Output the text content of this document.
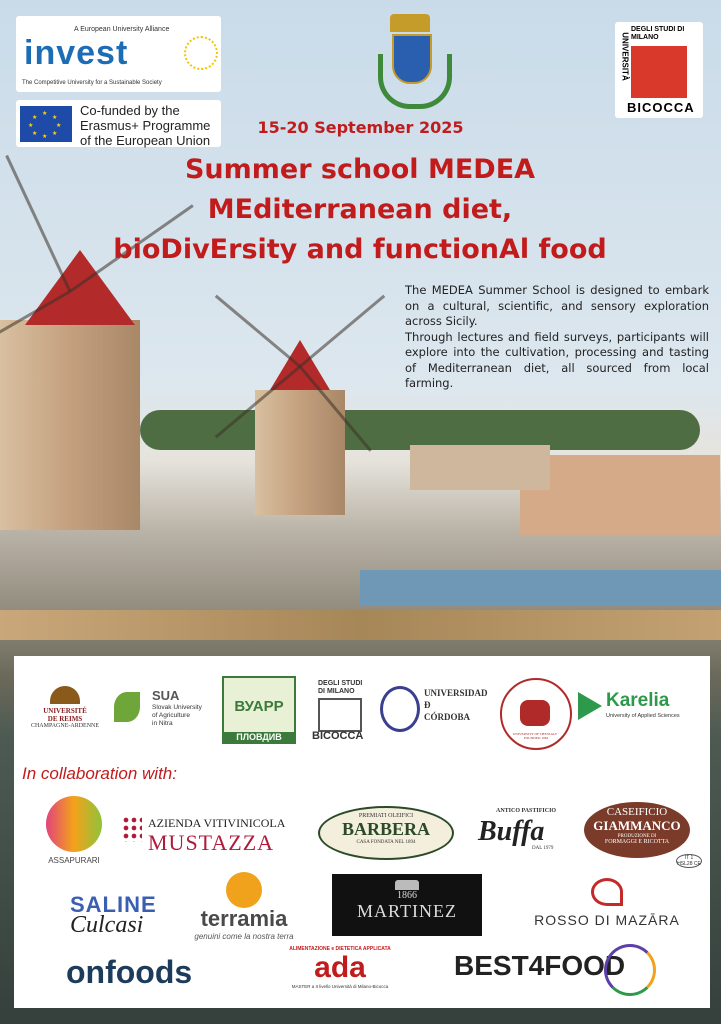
A European University Alliance
invest
The Competitive University for a Sustainable Society
★
★
★
★
★
★
★
★	Co-funded by the
Erasmus+ Programme
of the European Union
UNIVERSITÀ
DEGLI STUDI DI MILANO
BICOCCA
15-20 September 2025
Summer school MEDEA
MEditerranean diet,
bioDivErsity and functionAl food
The MEDEA Summer School is designed to embark on a cultural, scientific, and sensory exploration across Sicily.
Through lectures and field surveys, participants will explore into the cultivation, processing and tasting of Mediterranean diet, all sourced from local farming.
UNIVERSITÉ
DE REIMS
CHAMPAGNE-ARDENNE
SUA
Slovak University
of Agriculture
in Nitra
ВУАРР
ПЛОВДИВ
DEGLI STUDI
DI MILANO
BICOCCA
UNIVERSIDAD
Ð
CÓRDOBA
UNIVERSITY OF THESSALY · FOUNDED 1984
Karelia
University of Applied Sciences
In collaboration with:
ASSAPURARI
AZIENDA VITIVINICOLA
MUSTAZZA
PREMIATI OLEIFICI
BARBERA
CASA FONDATA NEL 1894
ANTICO PASTIFICIO
Buffa
DAL 1979
CASEIFICIO
GIAMMANCO
PRODUZIONE DI
FORMAGGI E RICOTTA
IT 1 HSL28 CE
SALINE
Culcasi	terramia
genuini come la nostra terra
1866
MARTINEZ	ROSSO DI MAZĀRA
onfoods
ALIMENTAZIONE e DIETETICA APPLICATA
ada
MASTER a II livello Università di Milano-Bicocca
BEST4FOOD
